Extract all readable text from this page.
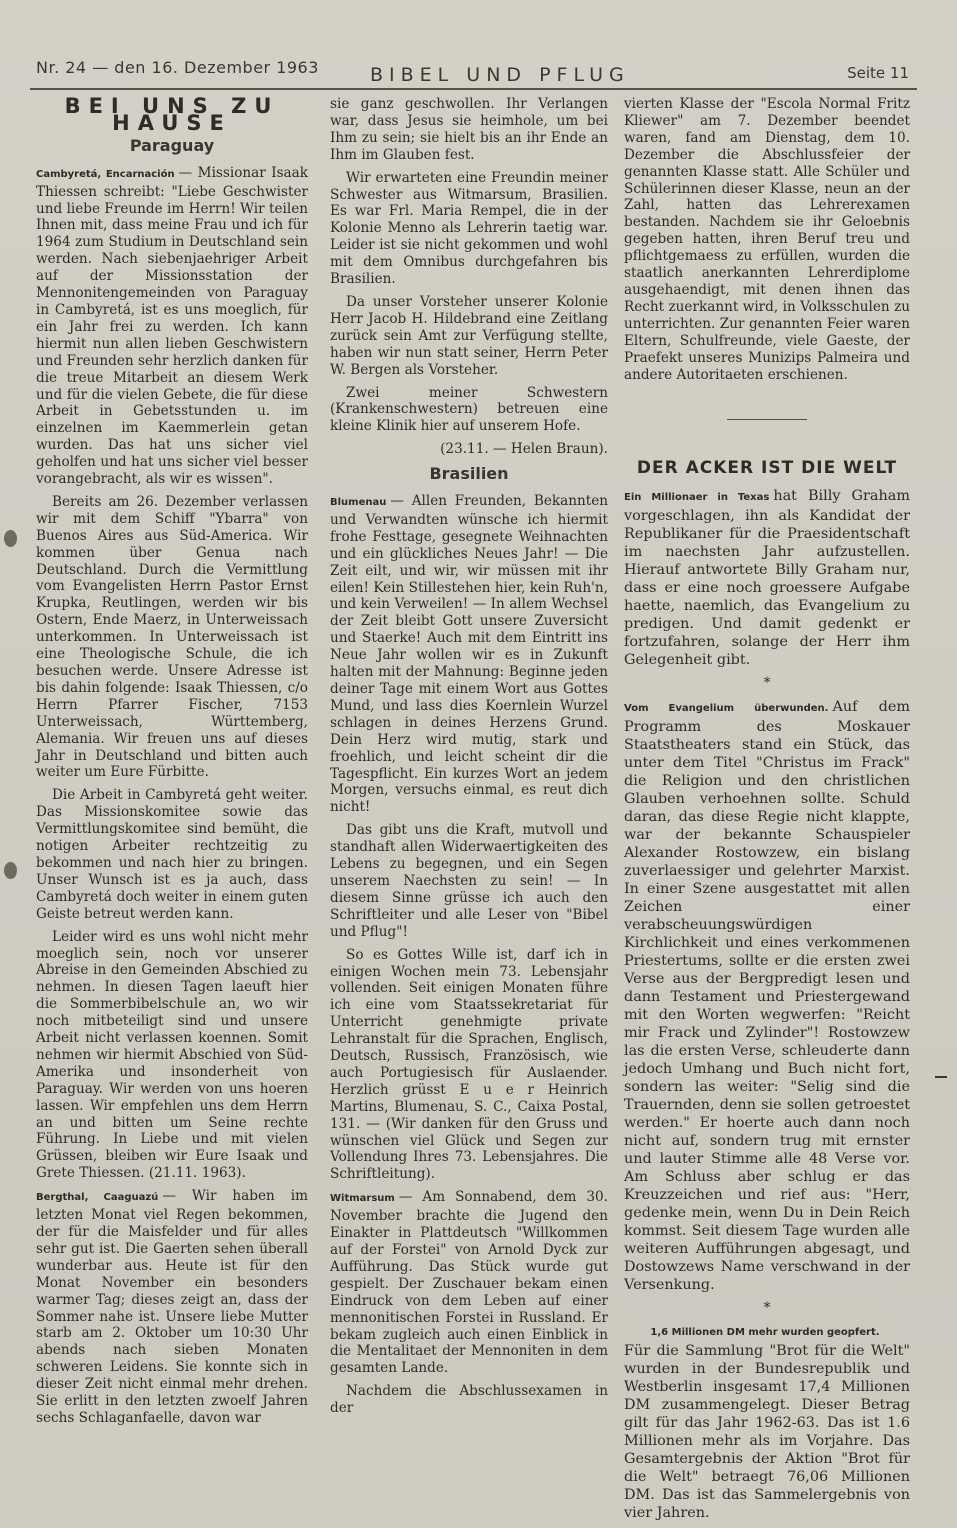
Nr. 24 — den 16. Dezember 1963	BIBEL UND PFLUG	Seite 11
BEI UNS ZU HAUSE
Paraguay

Cambyretá, Encarnación — Missionar Isaak Thiessen schreibt: "Liebe Geschwister und liebe Freunde im Herrn! Wir teilen Ihnen mit, dass meine Frau und ich für 1964 zum Studium in Deutschland sein werden. Nach siebenjaehriger Arbeit auf der Missionsstation der Mennonitengemeinden von Paraguay in Cambyretá, ist es uns moeglich, für ein Jahr frei zu werden. Ich kann hiermit nun allen lieben Geschwistern und Freunden sehr herzlich danken für die treue Mitarbeit an diesem Werk und für die vielen Gebete, die für diese Arbeit in Gebetsstunden u. im einzelnen im Kaemmerlein getan wurden. Das hat uns sicher viel geholfen und hat uns sicher viel besser vorangebracht, als wir es wissen".

Bereits am 26. Dezember verlassen wir mit dem Schiff "Ybarra" von Buenos Aires aus Süd-America. Wir kommen über Genua nach Deutschland. Durch die Vermittlung vom Evangelisten Herrn Pastor Ernst Krupka, Reutlingen, werden wir bis Ostern, Ende Maerz, in Unterweissach unterkommen. In Unterweissach ist eine Theologische Schule, die ich besuchen werde. Unsere Adresse ist bis dahin folgende: Isaak Thiessen, c/o Herrn Pfarrer Fischer, 7153 Unterweissach, Württemberg, Alemania. Wir freuen uns auf dieses Jahr in Deutschland und bitten auch weiter um Eure Fürbitte.

Die Arbeit in Cambyretá geht weiter. Das Missionskomitee sowie das Vermittlungskomitee sind bemüht, die notigen Arbeiter rechtzeitig zu bekommen und nach hier zu bringen. Unser Wunsch ist es ja auch, dass Cambyretá doch weiter in einem guten Geiste betreut werden kann.

Leider wird es uns wohl nicht mehr moeglich sein, noch vor unserer Abreise in den Gemeinden Abschied zu nehmen. In diesen Tagen laeuft hier die Sommerbibelschule an, wo wir noch mitbeteiligt sind und unsere Arbeit nicht verlassen koennen. Somit nehmen wir hiermit Abschied von Süd-Amerika und insonderheit von Paraguay. Wir werden von uns hoeren lassen. Wir empfehlen uns dem Herrn an und bitten um Seine rechte Führung. In Liebe und mit vielen Grüssen, bleiben wir Eure Isaak und Grete Thiessen. (21.11. 1963).

Bergthal, Caaguazú — Wir haben im letzten Monat viel Regen bekommen, der für die Maisfelder und für alles sehr gut ist. Die Gaerten sehen überall wunderbar aus. Heute ist für den Monat November ein besonders warmer Tag; dieses zeigt an, dass der Sommer nahe ist. Unsere liebe Mutter starb am 2. Oktober um 10:30 Uhr abends nach sieben Monaten schweren Leidens. Sie konnte sich in dieser Zeit nicht einmal mehr drehen. Sie erlitt in den letzten zwoelf Jahren sechs Schlaganfaelle, davon war

sie ganz geschwollen. Ihr Verlangen war, dass Jesus sie heimhole, um bei Ihm zu sein; sie hielt bis an ihr Ende an Ihm im Glauben fest.

Wir erwarteten eine Freundin meiner Schwester aus Witmarsum, Brasilien. Es war Frl. Maria Rempel, die in der Kolonie Menno als Lehrerin taetig war. Leider ist sie nicht gekommen und wohl mit dem Omnibus durchgefahren bis Brasilien.

Da unser Vorsteher unserer Kolonie Herr Jacob H. Hildebrand eine Zeitlang zurück sein Amt zur Verfügung stellte, haben wir nun statt seiner, Herrn Peter W. Bergen als Vorsteher.

Zwei meiner Schwestern (Krankenschwestern) betreuen eine kleine Klinik hier auf unserem Hofe.

(23.11. — Helen Braun).
Brasilien

Blumenau — Allen Freunden, Bekannten und Verwandten wünsche ich hiermit frohe Festtage, gesegnete Weihnachten und ein glückliches Neues Jahr! — Die Zeit eilt, und wir, wir müssen mit ihr eilen! Kein Stillestehen hier, kein Ruh'n, und kein Verweilen! — In allem Wechsel der Zeit bleibt Gott unsere Zuversicht und Staerke! Auch mit dem Eintritt ins Neue Jahr wollen wir es in Zukunft halten mit der Mahnung: Beginne jeden deiner Tage mit einem Wort aus Gottes Mund, und lass dies Koernlein Wurzel schlagen in deines Herzens Grund. Dein Herz wird mutig, stark und froehlich, und leicht scheint dir die Tagespflicht. Ein kurzes Wort an jedem Morgen, versuchs einmal, es reut dich nicht!

Das gibt uns die Kraft, mutvoll und standhaft allen Widerwaertigkeiten des Lebens zu begegnen, und ein Segen unserem Naechsten zu sein! — In diesem Sinne grüsse ich auch den Schriftleiter und alle Leser von "Bibel und Pflug"!

So es Gottes Wille ist, darf ich in einigen Wochen mein 73. Lebensjahr vollenden. Seit einigen Monaten führe ich eine vom Staatssekretariat für Unterricht genehmigte private Lehranstalt für die Sprachen, Englisch, Deutsch, Russisch, Französisch, wie auch Portugiesisch für Auslaender. Herzlich grüsst E u e r Heinrich Martins, Blumenau, S. C., Caixa Postal, 131. — (Wir danken für den Gruss und wünschen viel Glück und Segen zur Vollendung Ihres 73. Lebensjahres. Die Schriftleitung).

Witmarsum — Am Sonnabend, dem 30. November brachte die Jugend den Einakter in Plattdeutsch "Willkommen auf der Forstei" von Arnold Dyck zur Aufführung. Das Stück wurde gut gespielt. Der Zuschauer bekam einen Eindruck von dem Leben auf einer mennonitischen Forstei in Russland. Er bekam zugleich auch einen Einblick in die Mentalitaet der Mennoniten in dem gesamten Lande.

Nachdem die Abschlussexamen in der

vierten Klasse der "Escola Normal Fritz Kliewer" am 7. Dezember beendet waren, fand am Dienstag, dem 10. Dezember die Abschlussfeier der genannten Klasse statt. Alle Schüler und Schülerinnen dieser Klasse, neun an der Zahl, hatten das Lehrerexamen bestanden. Nachdem sie ihr Geloebnis gegeben hatten, ihren Beruf treu und pflichtgemaess zu erfüllen, wurden die staatlich anerkannten Lehrerdiplome ausgehaendigt, mit denen ihnen das Recht zuerkannt wird, in Volksschulen zu unterrichten. Zur genannten Feier waren Eltern, Schulfreunde, viele Gaeste, der Praefekt unseres Munizips Palmeira und andere Autoritaeten erschienen.

DER ACKER IST DIE WELT

Ein Millionaer in Texas hat Billy Graham vorgeschlagen, ihn als Kandidat der Republikaner für die Praesidentschaft im naechsten Jahr aufzustellen. Hierauf antwortete Billy Graham nur, dass er eine noch groessere Aufgabe haette, naemlich, das Evangelium zu predigen. Und damit gedenkt er fortzufahren, solange der Herr ihm Gelegenheit gibt.

*

Vom Evangelium überwunden. Auf dem Programm des Moskauer Staatstheaters stand ein Stück, das unter dem Titel "Christus im Frack" die Religion und den christlichen Glauben verhoehnen sollte. Schuld daran, das diese Regie nicht klappte, war der bekannte Schauspieler Alexander Rostowzew, ein bislang zuverlaessiger und gelehrter Marxist. In einer Szene ausgestattet mit allen Zeichen einer verabscheuungswürdigen Kirchlichkeit und eines verkommenen Priestertums, sollte er die ersten zwei Verse aus der Bergpredigt lesen und dann Testament und Priestergewand mit den Worten wegwerfen: "Reicht mir Frack und Zylinder"! Rostowzew las die ersten Verse, schleuderte dann jedoch Umhang und Buch nicht fort, sondern las weiter: "Selig sind die Trauernden, denn sie sollen getroestet werden." Er hoerte auch dann noch nicht auf, sondern trug mit ernster und lauter Stimme alle 48 Verse vor. Am Schluss aber schlug er das Kreuzzeichen und rief aus: "Herr, gedenke mein, wenn Du in Dein Reich kommst. Seit diesem Tage wurden alle weiteren Aufführungen abgesagt, und Dostowzews Name verschwand in der Versenkung.

*
1,6 Millionen DM mehr wurden geopfert.

Für die Sammlung "Brot für die Welt" wurden in der Bundesrepublik und Westberlin insgesamt 17,4 Millionen DM zusammengelegt. Dieser Betrag gilt für das Jahr 1962-63. Das ist 1.6 Millionen mehr als im Vorjahre. Das Gesamtergebnis der Aktion "Brot für die Welt" betraegt 76,06 Millionen DM. Das ist das Sammelergebnis von vier Jahren.
